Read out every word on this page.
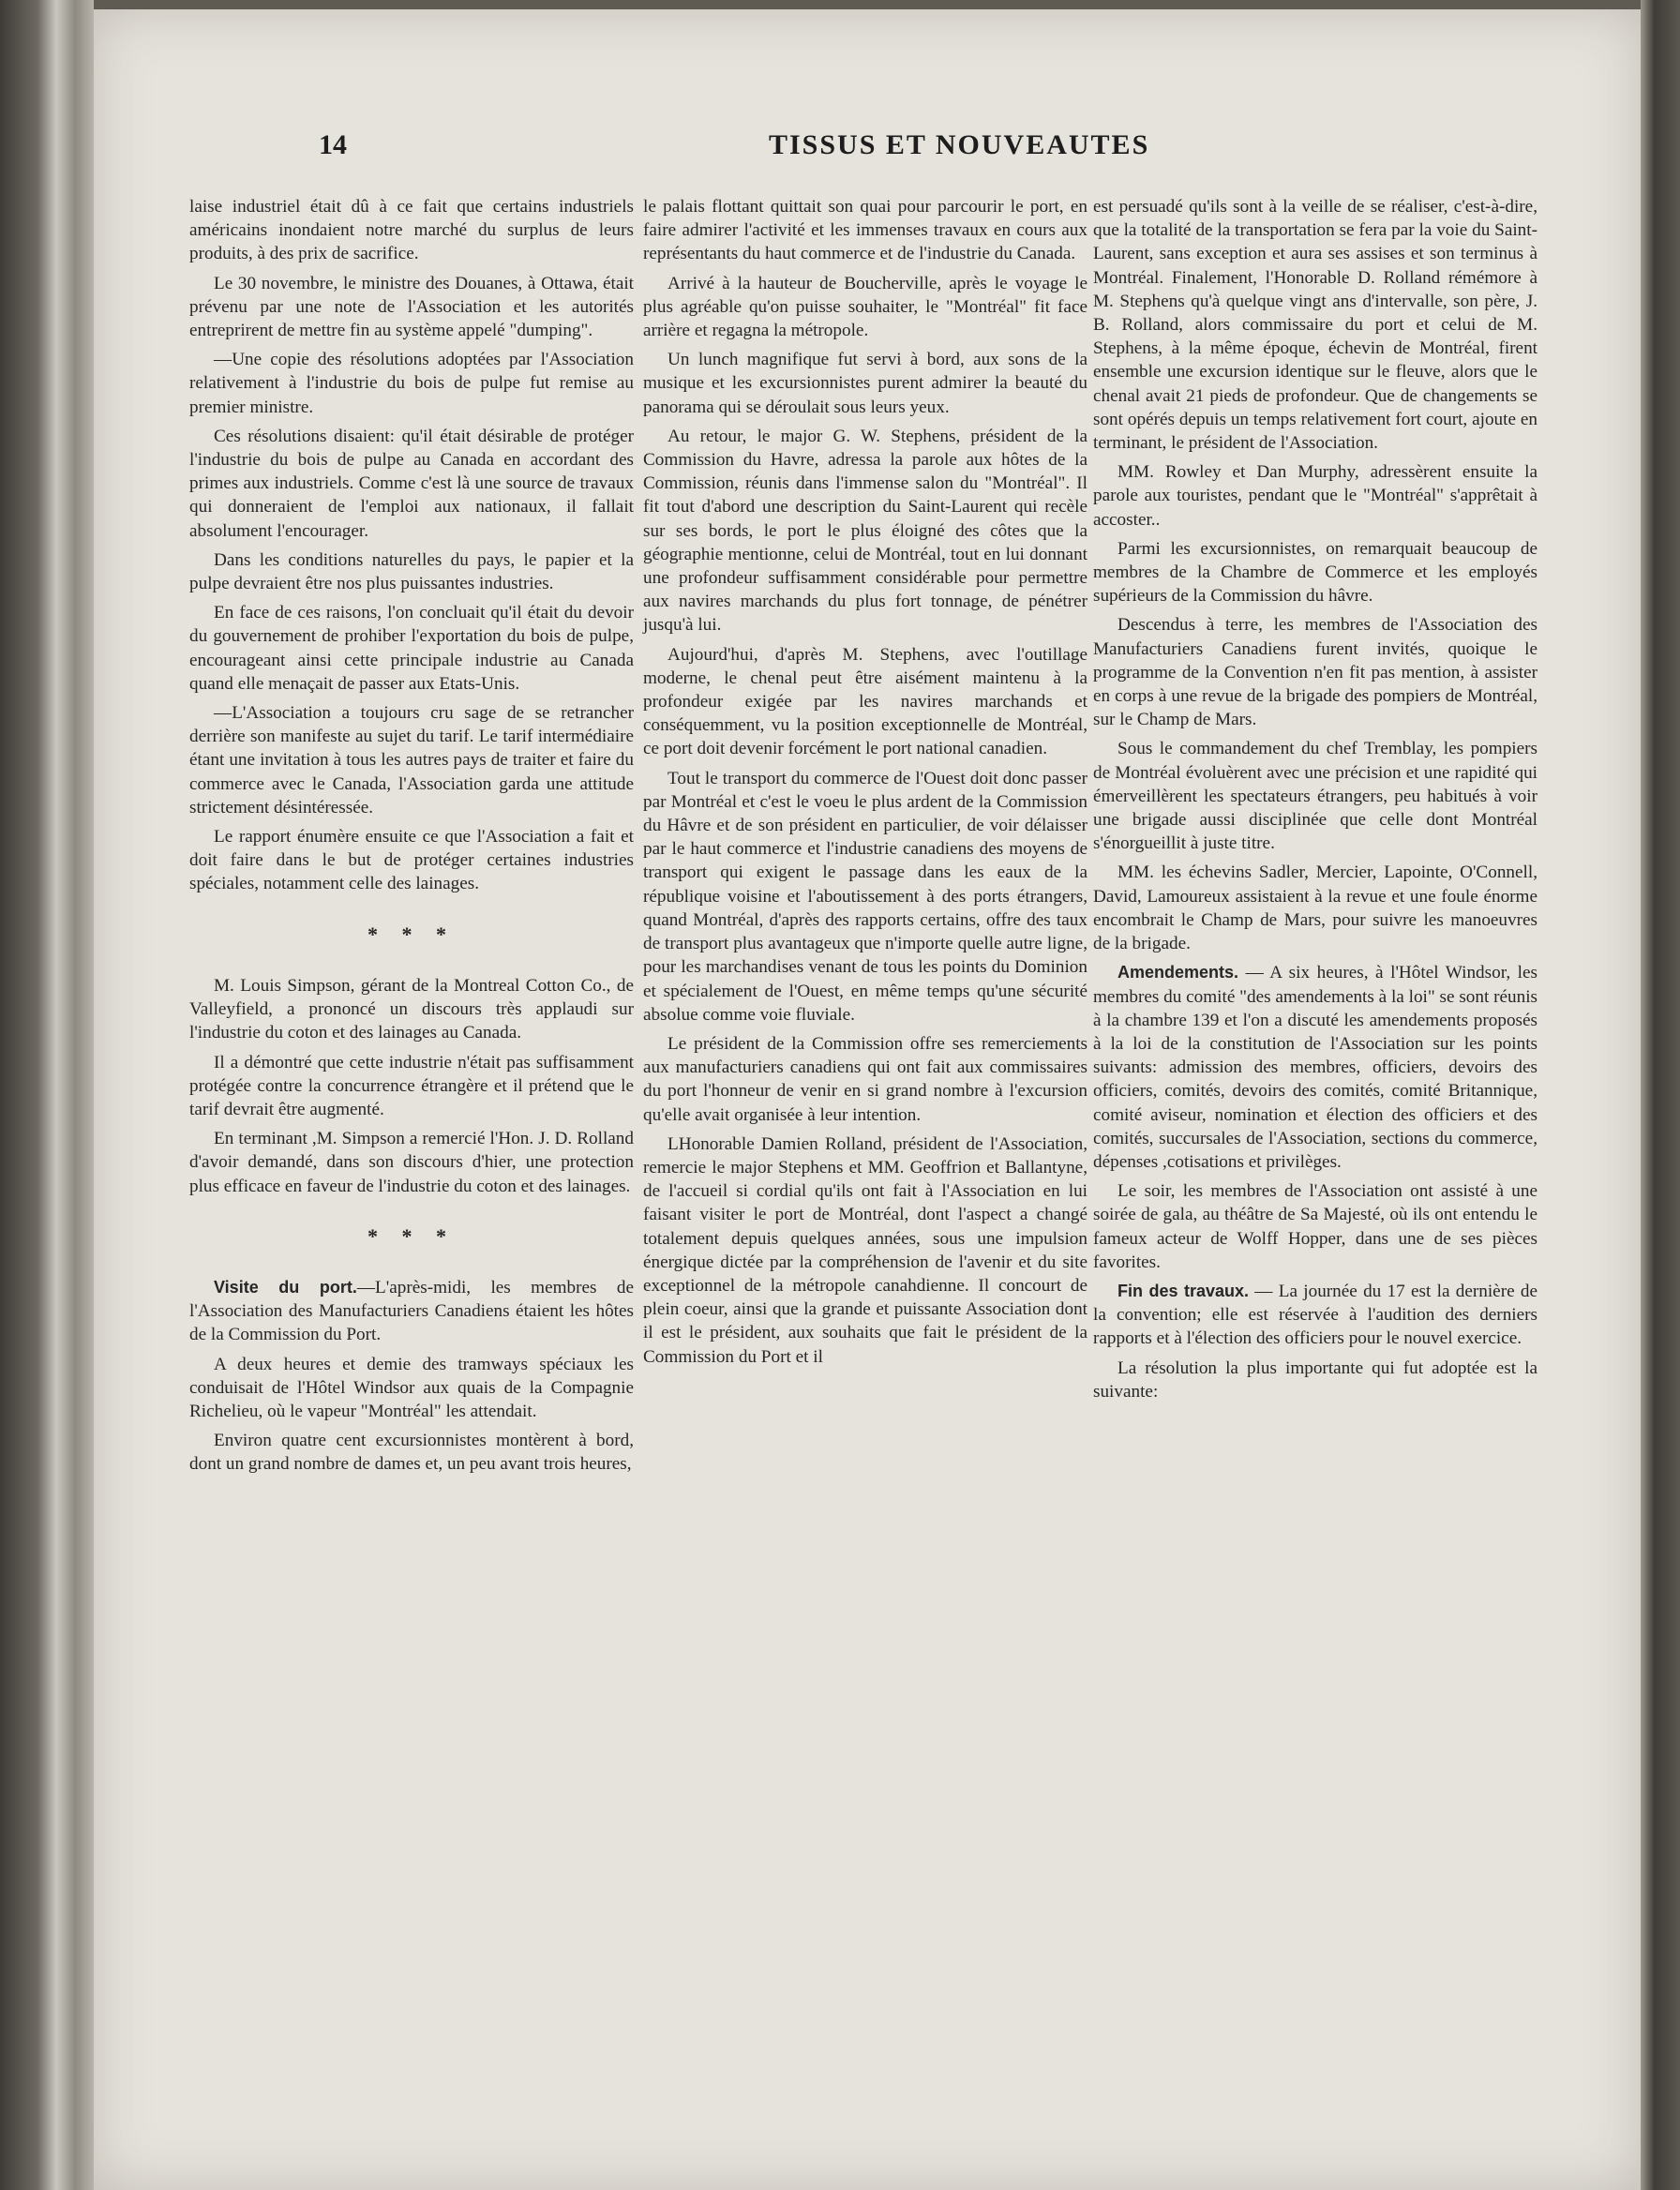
14	TISSUS ET NOUVEAUTES

laise industriel était dû à ce fait que certains industriels américains inondaient notre marché du surplus de leurs produits, à des prix de sacrifice.

Le 30 novembre, le ministre des Douanes, à Ottawa, était prévenu par une note de l'Association et les autorités entreprirent de mettre fin au système appelé "dumping".

—Une copie des résolutions adoptées par l'Association relativement à l'industrie du bois de pulpe fut remise au premier ministre.

Ces résolutions disaient: qu'il était désirable de protéger l'industrie du bois de pulpe au Canada en accordant des primes aux industriels. Comme c'est là une source de travaux qui donneraient de l'emploi aux nationaux, il fallait absolument l'encourager.

Dans les conditions naturelles du pays, le papier et la pulpe devraient être nos plus puissantes industries.

En face de ces raisons, l'on concluait qu'il était du devoir du gouvernement de prohiber l'exportation du bois de pulpe, encourageant ainsi cette principale industrie au Canada quand elle menaçait de passer aux Etats-Unis.

—L'Association a toujours cru sage de se retrancher derrière son manifeste au sujet du tarif. Le tarif intermédiaire étant une invitation à tous les autres pays de traiter et faire du commerce avec le Canada, l'Association garda une attitude strictement désintéressée.

Le rapport énumère ensuite ce que l'Association a fait et doit faire dans le but de protéger certaines industries spéciales, notamment celle des lainages.

* * *

M. Louis Simpson, gérant de la Montreal Cotton Co., de Valleyfield, a prononcé un discours très applaudi sur l'industrie du coton et des lainages au Canada.

Il a démontré que cette industrie n'était pas suffisamment protégée contre la concurrence étrangère et il prétend que le tarif devrait être augmenté.

En terminant ,M. Simpson a remercié l'Hon. J. D. Rolland d'avoir demandé, dans son discours d'hier, une protection plus efficace en faveur de l'industrie du coton et des lainages.

* * *

Visite du port.—L'après-midi, les membres de l'Association des Manufacturiers Canadiens étaient les hôtes de la Commission du Port.

A deux heures et demie des tramways spéciaux les conduisait de l'Hôtel Windsor aux quais de la Compagnie Richelieu, où le vapeur "Montréal" les attendait.

Environ quatre cent excursionnistes montèrent à bord, dont un grand nombre de dames et, un peu avant trois heures,

le palais flottant quittait son quai pour parcourir le port, en faire admirer l'activité et les immenses travaux en cours aux représentants du haut commerce et de l'industrie du Canada.

Arrivé à la hauteur de Boucherville, après le voyage le plus agréable qu'on puisse souhaiter, le "Montréal" fit face arrière et regagna la métropole.

Un lunch magnifique fut servi à bord, aux sons de la musique et les excursionnistes purent admirer la beauté du panorama qui se déroulait sous leurs yeux.

Au retour, le major G. W. Stephens, président de la Commission du Havre, adressa la parole aux hôtes de la Commission, réunis dans l'immense salon du "Montréal". Il fit tout d'abord une description du Saint-Laurent qui recèle sur ses bords, le port le plus éloigné des côtes que la géographie mentionne, celui de Montréal, tout en lui donnant une profondeur suffisamment considérable pour permettre aux navires marchands du plus fort tonnage, de pénétrer jusqu'à lui.

Aujourd'hui, d'après M. Stephens, avec l'outillage moderne, le chenal peut être aisément maintenu à la profondeur exigée par les navires marchands et conséquemment, vu la position exceptionnelle de Montréal, ce port doit devenir forcément le port national canadien.

Tout le transport du commerce de l'Ouest doit donc passer par Montréal et c'est le voeu le plus ardent de la Commission du Hâvre et de son président en particulier, de voir délaisser par le haut commerce et l'industrie canadiens des moyens de transport qui exigent le passage dans les eaux de la république voisine et l'aboutissement à des ports étrangers, quand Montréal, d'après des rapports certains, offre des taux de transport plus avantageux que n'importe quelle autre ligne, pour les marchandises venant de tous les points du Dominion et spécialement de l'Ouest, en même temps qu'une sécurité absolue comme voie fluviale.

Le président de la Commission offre ses remerciements aux manufacturiers canadiens qui ont fait aux commissaires du port l'honneur de venir en si grand nombre à l'excursion qu'elle avait organisée à leur intention.

LHonorable Damien Rolland, président de l'Association, remercie le major Stephens et MM. Geoffrion et Ballantyne, de l'accueil si cordial qu'ils ont fait à l'Association en lui faisant visiter le port de Montréal, dont l'aspect a changé totalement depuis quelques années, sous une impulsion énergique dictée par la compréhension de l'avenir et du site exceptionnel de la métropole canahdienne. Il concourt de plein coeur, ainsi que la grande et puissante Association dont il est le président, aux souhaits que fait le président de la Commission du Port et il

est persuadé qu'ils sont à la veille de se réaliser, c'est-à-dire, que la totalité de la transportation se fera par la voie du Saint-Laurent, sans exception et aura ses assises et son terminus à Montréal. Finalement, l'Honorable D. Rolland rémémore à M. Stephens qu'à quelque vingt ans d'intervalle, son père, J. B. Rolland, alors commissaire du port et celui de M. Stephens, à la même époque, échevin de Montréal, firent ensemble une excursion identique sur le fleuve, alors que le chenal avait 21 pieds de profondeur. Que de changements se sont opérés depuis un temps relativement fort court, ajoute en terminant, le président de l'Association.

MM. Rowley et Dan Murphy, adressèrent ensuite la parole aux touristes, pendant que le "Montréal" s'apprêtait à accoster..

Parmi les excursionnistes, on remarquait beaucoup de membres de la Chambre de Commerce et les employés supérieurs de la Commission du hâvre.

Descendus à terre, les membres de l'Association des Manufacturiers Canadiens furent invités, quoique le programme de la Convention n'en fit pas mention, à assister en corps à une revue de la brigade des pompiers de Montréal, sur le Champ de Mars.

Sous le commandement du chef Tremblay, les pompiers de Montréal évoluèrent avec une précision et une rapidité qui émerveillèrent les spectateurs étrangers, peu habitués à voir une brigade aussi disciplinée que celle dont Montréal s'énorgueillit à juste titre.

MM. les échevins Sadler, Mercier, Lapointe, O'Connell, David, Lamoureux assistaient à la revue et une foule énorme encombrait le Champ de Mars, pour suivre les manoeuvres de la brigade.

Amendements. — A six heures, à l'Hôtel Windsor, les membres du comité "des amendements à la loi" se sont réunis à la chambre 139 et l'on a discuté les amendements proposés à la loi de la constitution de l'Association sur les points suivants: admission des membres, officiers, devoirs des officiers, comités, devoirs des comités, comité Britannique, comité aviseur, nomination et élection des officiers et des comités, succursales de l'Association, sections du commerce, dépenses ,cotisations et privilèges.

Le soir, les membres de l'Association ont assisté à une soirée de gala, au théâtre de Sa Majesté, où ils ont entendu le fameux acteur de Wolff Hopper, dans une de ses pièces favorites.

Fin des travaux. — La journée du 17 est la dernière de la convention; elle est réservée à l'audition des derniers rapports et à l'élection des officiers pour le nouvel exercice.

La résolution la plus importante qui fut adoptée est la suivante:
